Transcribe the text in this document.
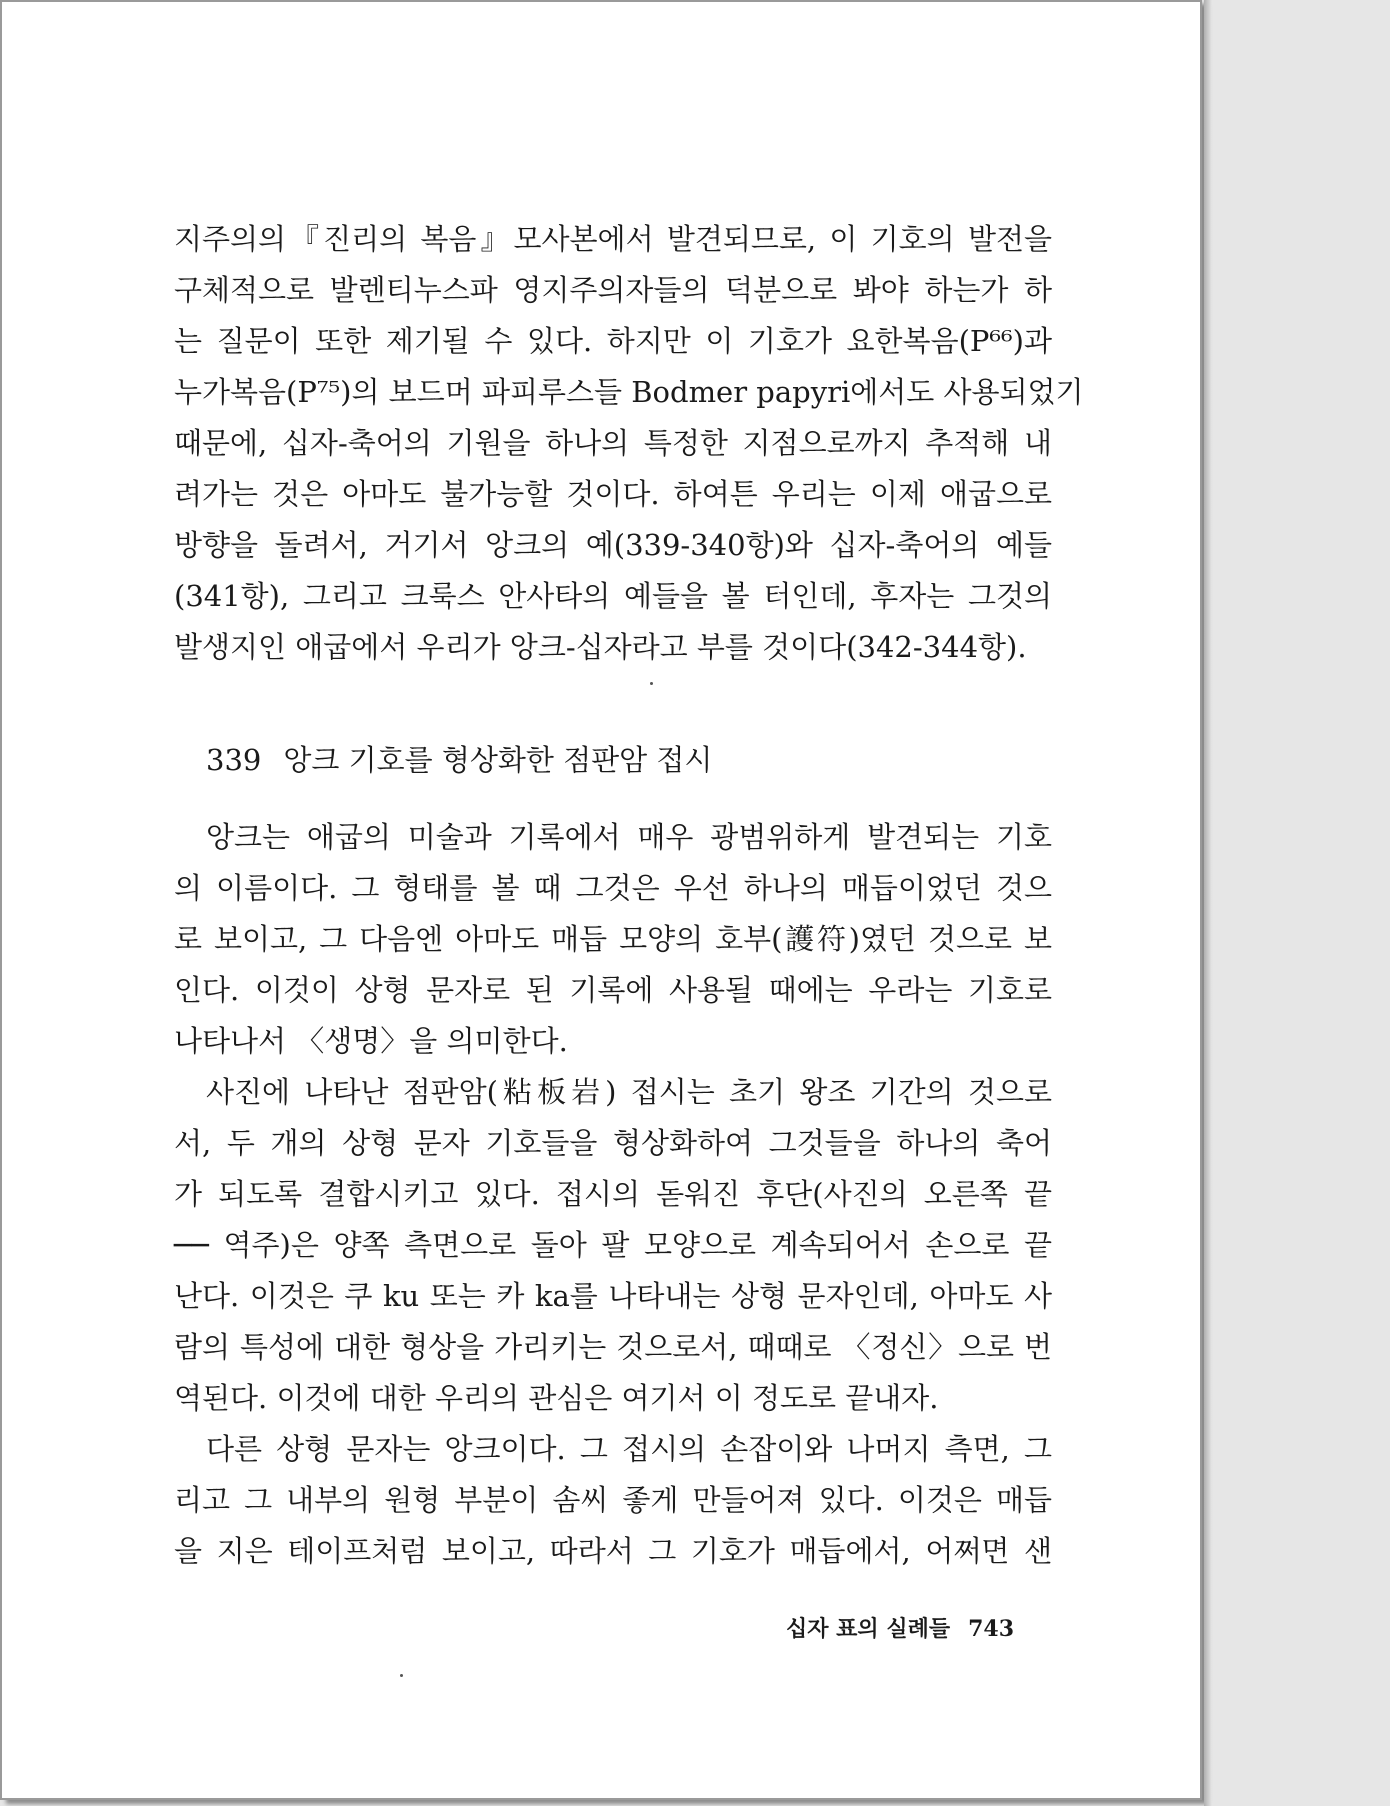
지주의의『진리의 복음』모사본에서 발견되므로, 이 기호의 발전을
구체적으로 발렌티누스파 영지주의자들의 덕분으로 봐야 하는가 하
는 질문이 또한 제기될 수 있다. 하지만 이 기호가 요한복음(P⁶⁶)과
누가복음(P⁷⁵)의 보드머 파피루스들 Bodmer papyri에서도 사용되었기
때문에, 십자-축어의 기원을 하나의 특정한 지점으로까지 추적해 내
려가는 것은 아마도 불가능할 것이다. 하여튼 우리는 이제 애굽으로
방향을 돌려서, 거기서 앙크의 예(339-340항)와 십자-축어의 예들
(341항), 그리고 크룩스 안사타의 예들을 볼 터인데, 후자는 그것의
발생지인 애굽에서 우리가 앙크-십자라고 부를 것이다(342-344항).
339 앙크 기호를 형상화한 점판암 접시
앙크는 애굽의 미술과 기록에서 매우 광범위하게 발견되는 기호
의 이름이다. 그 형태를 볼 때 그것은 우선 하나의 매듭이었던 것으
로 보이고, 그 다음엔 아마도 매듭 모양의 호부(護符)였던 것으로 보
인다. 이것이 상형 문자로 된 기록에 사용될 때에는 우라는 기호로
나타나서 〈생명〉을 의미한다.
사진에 나타난 점판암(粘板岩) 접시는 초기 왕조 기간의 것으로
서, 두 개의 상형 문자 기호들을 형상화하여 그것들을 하나의 축어
가 되도록 결합시키고 있다. 접시의 돋워진 후단(사진의 오른쪽 끝
── 역주)은 양쪽 측면으로 돌아 팔 모양으로 계속되어서 손으로 끝
난다. 이것은 쿠 ku 또는 카 ka를 나타내는 상형 문자인데, 아마도 사
람의 특성에 대한 형상을 가리키는 것으로서, 때때로 〈정신〉으로 번
역된다. 이것에 대한 우리의 관심은 여기서 이 정도로 끝내자.
다른 상형 문자는 앙크이다. 그 접시의 손잡이와 나머지 측면, 그
리고 그 내부의 원형 부분이 솜씨 좋게 만들어져 있다. 이것은 매듭
을 지은 테이프처럼 보이고, 따라서 그 기호가 매듭에서, 어쩌면 샌
십자 표의 실례들 743
